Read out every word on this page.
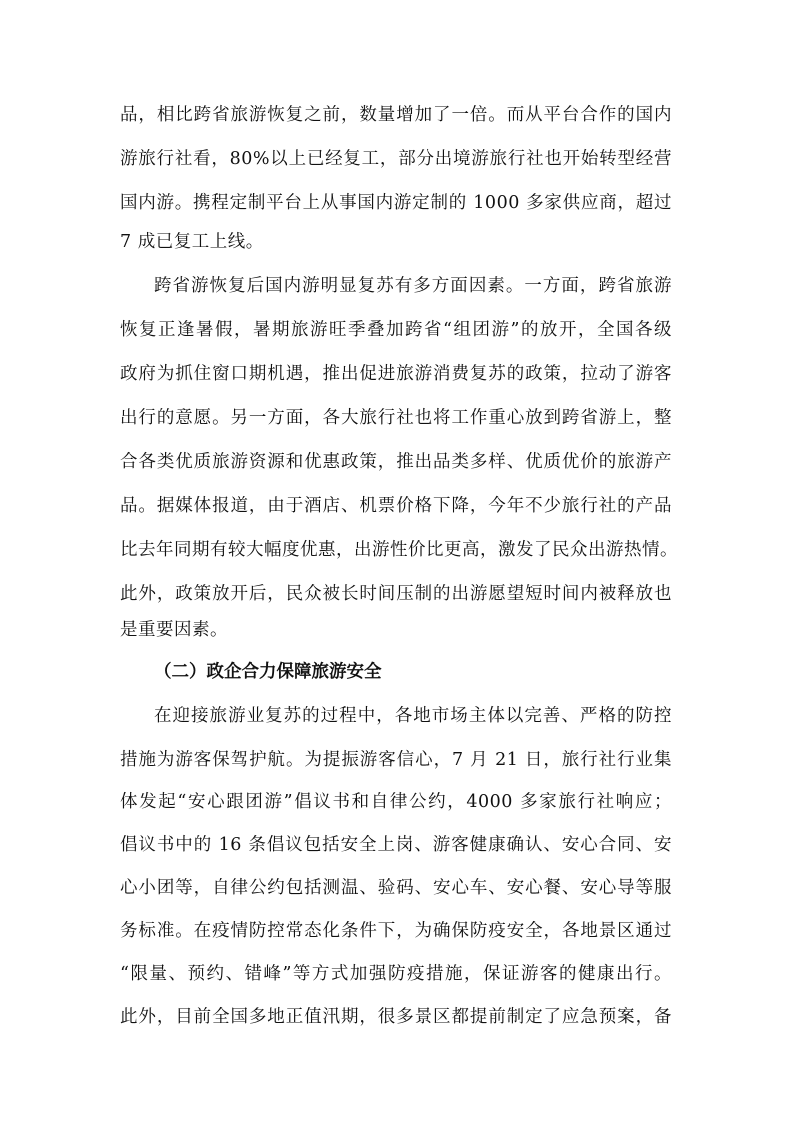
品，相比跨省旅游恢复之前，数量增加了一倍。而从平台合作的国内
游旅行社看，80%以上已经复工，部分出境游旅行社也开始转型经营
国内游。携程定制平台上从事国内游定制的 1000 多家供应商，超过
7 成已复工上线。
跨省游恢复后国内游明显复苏有多方面因素。一方面，跨省旅游
恢复正逢暑假，暑期旅游旺季叠加跨省“组团游”的放开，全国各级
政府为抓住窗口期机遇，推出促进旅游消费复苏的政策，拉动了游客
出行的意愿。另一方面，各大旅行社也将工作重心放到跨省游上，整
合各类优质旅游资源和优惠政策，推出品类多样、优质优价的旅游产
品。据媒体报道，由于酒店、机票价格下降，今年不少旅行社的产品
比去年同期有较大幅度优惠，出游性价比更高，激发了民众出游热情。
此外，政策放开后，民众被长时间压制的出游愿望短时间内被释放也
是重要因素。
（二）政企合力保障旅游安全
在迎接旅游业复苏的过程中，各地市场主体以完善、严格的防控
措施为游客保驾护航。为提振游客信心，7 月 21 日，旅行社行业集
体发起“安心跟团游”倡议书和自律公约，4000 多家旅行社响应；
倡议书中的 16 条倡议包括安全上岗、游客健康确认、安心合同、安
心小团等，自律公约包括测温、验码、安心车、安心餐、安心导等服
务标准。在疫情防控常态化条件下，为确保防疫安全，各地景区通过
“限量、预约、错峰”等方式加强防疫措施，保证游客的健康出行。
此外，目前全国多地正值汛期，很多景区都提前制定了应急预案，备
